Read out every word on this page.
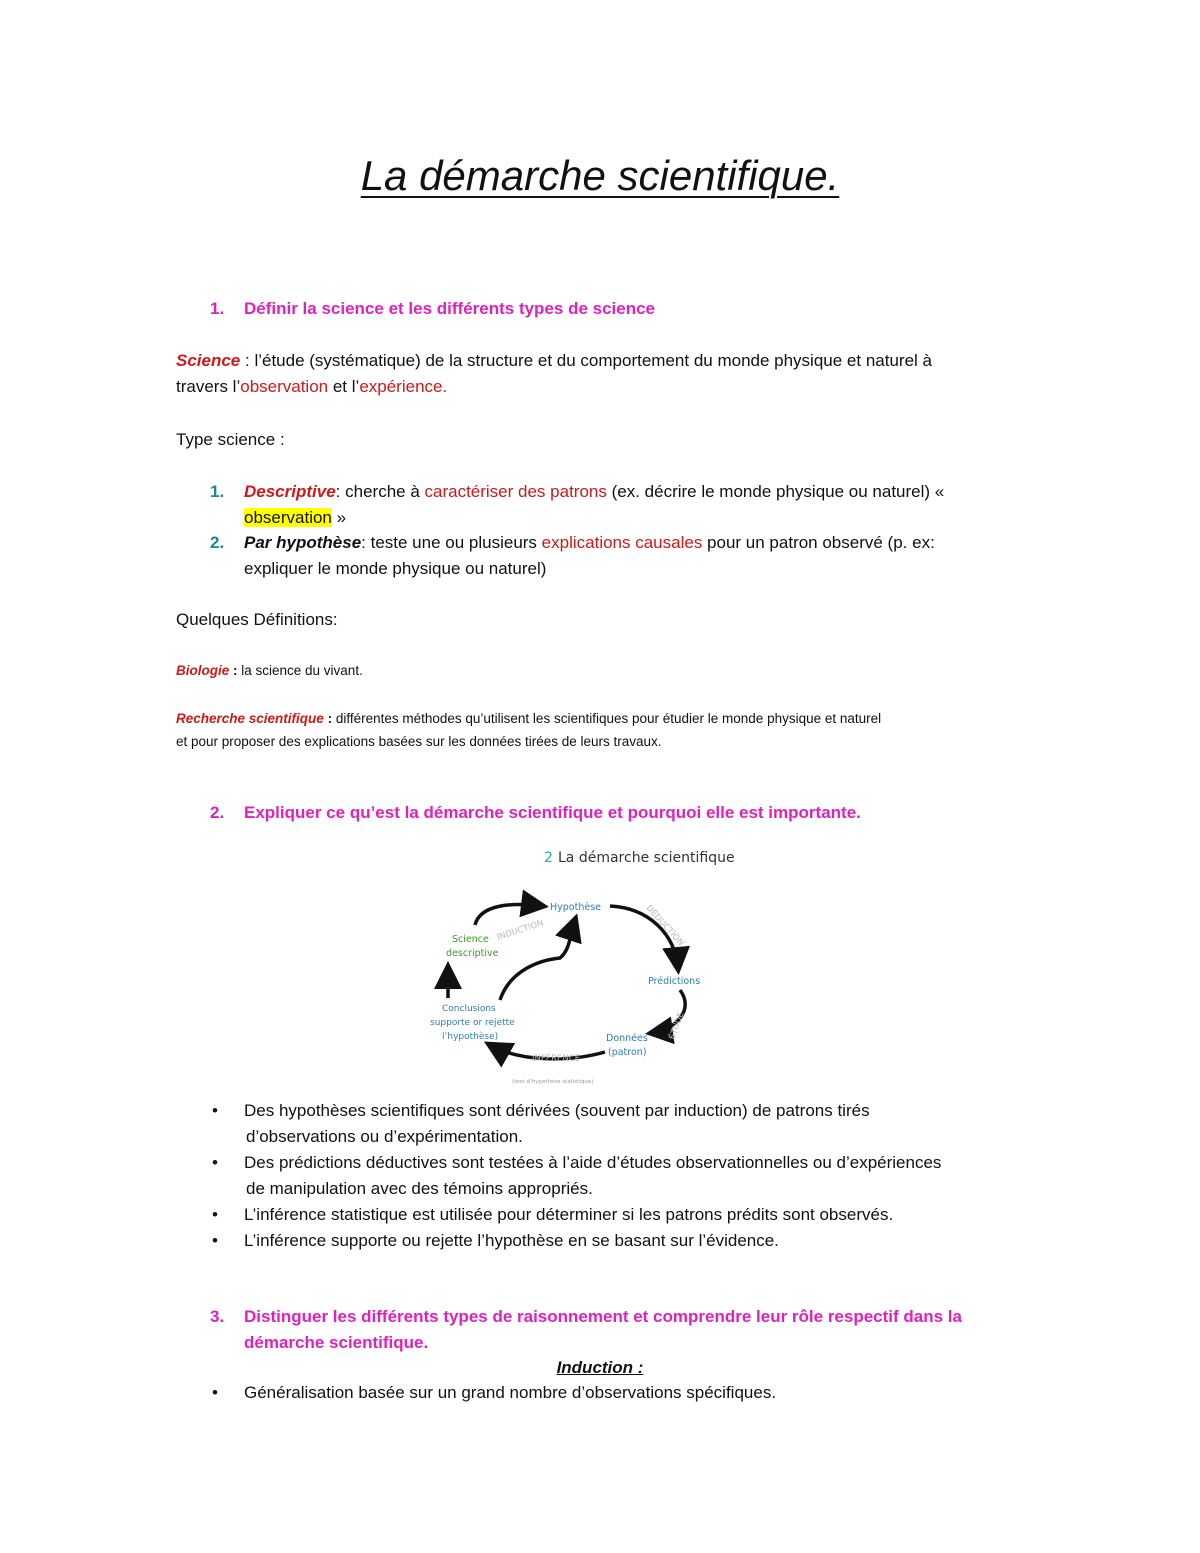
La démarche scientifique.
1. Définir la science et les différents types de science
Science : l’étude (systématique) de la structure et du comportement du monde physique et naturel à
travers l’observation et l’expérience.
Type science :
1. Descriptive: cherche à caractériser des patrons (ex. décrire le monde physique ou naturel) «
observation »
2. Par hypothèse: teste une ou plusieurs explications causales pour un patron observé (p. ex:
expliquer le monde physique ou naturel)
Quelques Définitions:
Biologie : la science du vivant.
Recherche scientifique : différentes méthodes qu’utilisent les scientifiques pour étudier le monde physique et naturel
et pour proposer des explications basées sur les données tirées de leurs travaux.
2. Expliquer ce qu’est la démarche scientifique et pourquoi elle est importante.
2 La démarche scientifique
Hypothèse
Science
descriptive
Prédictions
Données
(patron)
Conclusions
supporte or rejette
l’hypothèse)
INDUCTION	DÉDUCTION
ÉTUDE
INFÉRENCE
(test d’hypothèse statistique)
• Des hypothèses scientifiques sont dérivées (souvent par induction) de patrons tirés
d’observations ou d’expérimentation.
• Des prédictions déductives sont testées à l’aide d’études observationnelles ou d’expériences
de manipulation avec des témoins appropriés.
• L’inférence statistique est utilisée pour déterminer si les patrons prédits sont observés.
• L’inférence supporte ou rejette l’hypothèse en se basant sur l’évidence.
3. Distinguer les différents types de raisonnement et comprendre leur rôle respectif dans la
démarche scientifique.
Induction :
• Généralisation basée sur un grand nombre d’observations spécifiques.
